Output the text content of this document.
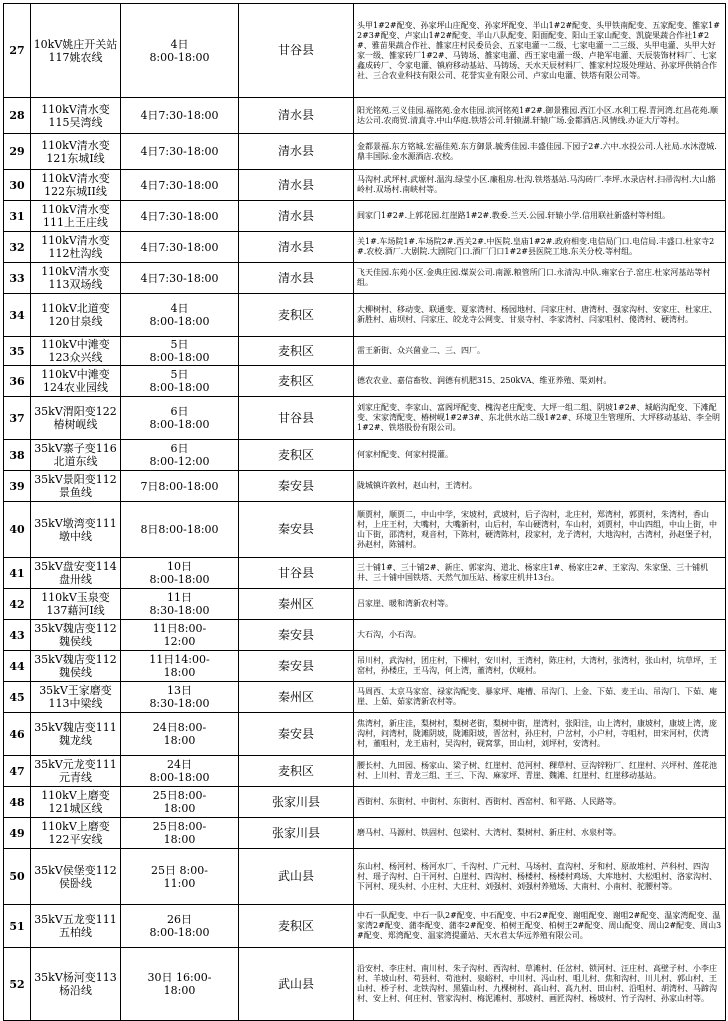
27	10kV姚庄开关站117姚农线	4日
8:00-18:00	甘谷县	头甲1#2#配变、孙家坪山庄配变、孙家坪配变、半山1#2#配变、头甲铁南配变、五家配变、雒家1#2#3#配变、卢家山1#2#配变、半山八队配变、阳面配变、阳山王家山配变、凯旋果蔬合作社1#2#、雅苗果蔬合作社、雒家庄村民委员会、五家电灌一二级、七家电灌一二三级、头甲电灌、头甲大好家一级、雒家砖厂1#2#、马铸场、雒家电灌、西王家电灌一级、卢艳军电灌、天辰装饰材料厂、七家鑫成砖厂、令家电灌、镇府移动基站、马铸场、天水天辰材料厂、雒家村垃圾处理站、孙家坪供销合作社、三合农业科技有限公司、花誉实业有限公司、卢家山电灌、铁塔有限公司等。
28	110kV清水变115吴湾线	4日7:30-18:00	清水县	阳光铭苑.三义佳园.福铭苑.金水佳园.滨河铭苑1#2#.御景雅园.西江小区.水利工程.青河湾.红昌花苑.顺达公司.农商贸.清真寺.中山华庭.铁塔公司.轩辕湖.轩辕广场.金都酒店.风情线.办证大厅等村。
29	110kV清水变121东城I线	4日7:30-18:00	清水县	金都景福.东方铭城.宏福佳苑.东方御景.毓秀佳园.丰盛佳园.下园子2#.六中.水投公司.人社局.水沐澄城.鼎丰国际.金水源酒店.农校。
30	110kV清水变122东城II线	4日7:30-18:00	清水县	马沟村.武坪村.武塬村.温沟.绿莹小区.廉租房.杜沟.铁塔基站.马沟砖厂.李坪.水录店村.扫帚沟村.大山豁岭村.双场村.南峡村等。
31	110kV清水变111上王庄线	4日7:30-18:00	清水县	闾家门1#2#.上郭花园.红崖路1#2#.教委.兰天.公园.轩辕小学.信用联社新盛村等村组。
32	110kV清水变112杜沟线	4日7:30-18:00	清水县	关1#.车场院1#.车场院2#.西关2#.中医院.皇庙1#2#.政府相变.电信局门口.电信局.丰盛口.杜家寺2#.农校.酒厂.大剧院.大剧院门口.酒厂门口1#2#县医院工地.东关分校.等村组。
33	110kV清水变113双场线	4日7:30-18:00	清水县	飞天佳园.东苑小区.金典庄园.煤炭公司.南源.粮管所门口.永清沟.中队.雍家台子.窑庄.杜家河基站等村组。
34	110kV北道变120甘泉线	4日
8:00-18:00	麦积区	大柳树村、移动变、联通变、夏家湾村、杨园地村、闫家庄村、唐湾村、强家沟村、安家庄、杜家庄、新胜村、庙坝村、闫家庄、皎龙寺公网变、甘泉寺村、李家湾村、闫家咀村、傻湾村、硬湾村。
35	110kV中滩变123众兴线	5日
8:00-18:00	麦积区	雷王新街、众兴菌业二、三、四厂。
36	110kV中滩变124农业园线	5日
8:00-18:00	麦积区	德农农业、嘉信畜牧、润德有机肥315、250kVA、维亚养殖、渠刘村。
37	35kV渭阳变122椿树岘线	6日
8:00-18:00	甘谷县	刘家庄配变、李家山、富阁坪配变、槐沟老庄配变、大坪一组二组、阴坡1#2#、城峪沟配变、下滩配变、宋家湾配变、椿树岘1#2#3#、东北供水站二级1#2#、环境卫生管理所、大坪移动基站、李全明1#2#、铁塔股份有限公司。
38	35kV寨子变116北道东线	6日
8:00-12:00	麦积区	何家村配变、何家村提灌。
39	35kV景阳变112景鱼线	7日8:00-18:00	秦安县	陇城镇许敦村，赵山村，王湾村。
40	35kV墩湾变111墩中线	8日8:00-18:00	秦安县	顺贾村，顺贾二，中山中学，宋坡村，武坡村，后子沟村，北庄村，郑湾村，郭贾村，朱湾村，香山村，上庄王村，大嘴村，大嘴新村，山后村，车山硬湾村，车山村，刘贾村，中山四组，中山上街，中山下街，邵湾村，观音村，下陈村，硬湾陈村，段家村，龙子湾村，大地沟村，古湾村，孙赵堡子村，孙赵村，陈铺村。
41	35kV盘安变114盘卅线	10日
8:00-18:00	甘谷县	三十铺1#、三十铺2#、新庄、郭家沟、道北、杨家庄1#、杨家庄2#、王家沟、朱家堡、三十铺机井、三十铺中国铁塔、天然气加压站、杨家庄机井13台。
42	110kV玉泉变137藉河I线	11日
8:30-18:00	秦州区	吕家崖、暖和湾新农村等。
43	35kV魏店变112魏侯线	11日8:00-
12:00	秦安县	大石沟，小石沟。
44	35kV魏店变112魏侯线	11日14:00-
18:00	秦安县	吊川村，武沟村，团庄村，下柳村，安川村，王湾村，陈庄村，大湾村，张湾村，张山村，坑草坪，王窑村，孙楼庄，王马沟，何上湾，董湾村，伏岘村。
45	35kV王家磨变113中梁线	13日
8:30-18:00	秦州区	马周西、太京马家窑、禄家沟配变、暴家坪、庵槽、吊沟门、上金、下茹、麦王山、吊沟门、下茹、庵崖、上茹、茹家湾新农村等。
46	35kV魏店变111魏龙线	24日8:00-
18:00	秦安县	焦湾村，新庄洼，梨树村，梨树老街，梨树中街，崖湾村，张阳洼，山上湾村，康坡村，康坡上湾，庞沟村，问湾村，陇滩阴坡，陇滩阳坡，晋岔村，孙庄村，户岔村，小户村，寺咀村，田宋河村，伏湾村，董咀村，龙王庙村，吴沟村，砚窝掌，田山村，刘坪村，安湾村。
47	35kV元龙变111元青线	24日
8:00-18:00	麦积区	腰长村、九田园、杨家山、梁子树、红崖村、范河村、稞草村、豆沟锌粉厂、红崖村、兴坪村、莲花池村、上川村、青龙三组、王三、下沟、麻家坪、青崖、魏滩、红崖村、红崖移动基站。
48	110kV上磨变121城区线	25日8:00-
18:00	张家川县	西街村、东街村、中街村、东街村、西街村、西窑村、和平路、人民路等。
49	110kV上磨变122平安线	25日8:00-
18:00	张家川县	磨马村、马源村、铁固村、包梁村、大湾村、梨树村、新庄村、水泉村等。
50	35kV侯堡变112侯卧线	25日 8:00-
11:00	武山县	东山村、杨河村、杨河水厂、千沟村、广元村、马场村、直沟村、牙和村、原故堆村、芦科村、四沟村、瑶子沟村、白干河村、白崖村、四沟村、杨楼村、杨楼村鸡场、大库地村、大松咀村、洛家沟村、下河村、现头村、小庄村、大庄村、刘强村、刘强村养殖场、大南村、小南村、驼腰村等。
51	35kV五龙变111五柏线	26日
8:00-18:00	麦积区	中石一队配变、中石一队2#配变、中石配变、中石2#配变、谢咀配变、谢咀2#配变、温家湾配变、温家湾2#配变、蒲李配变、蒲李2#配变、柏树王配变、柏树王2#配变、周山配变、周山2#配变、周山3#配变、郑湾配变、温家湾提灌站、天水君太华远养殖有限公司。
52	35kV杨河变113杨沿线	30日 16:00-
18:00	武山县	沿安村、李庄村、南川村、朱子沟村、西沟村、草滩村、任岔村、锁河村、汪庄村、高壁子村、小李庄村、羊坡山村、苟县村、苟池村、泉峪村、中川村、冯山村、咀儿村、焦和沟村、川儿村、郭山村、王山村、桥子村、北铁沟村、黑猫山村、九棵树村、高山村、高九村、田山村、沿咀村、胡湾村、马蹄沟村、安上村、何庄村、管家沟村、梅泥滩村、那坡村、画匠沟村、杨坡村、竹子沟村、孙家山村等。
